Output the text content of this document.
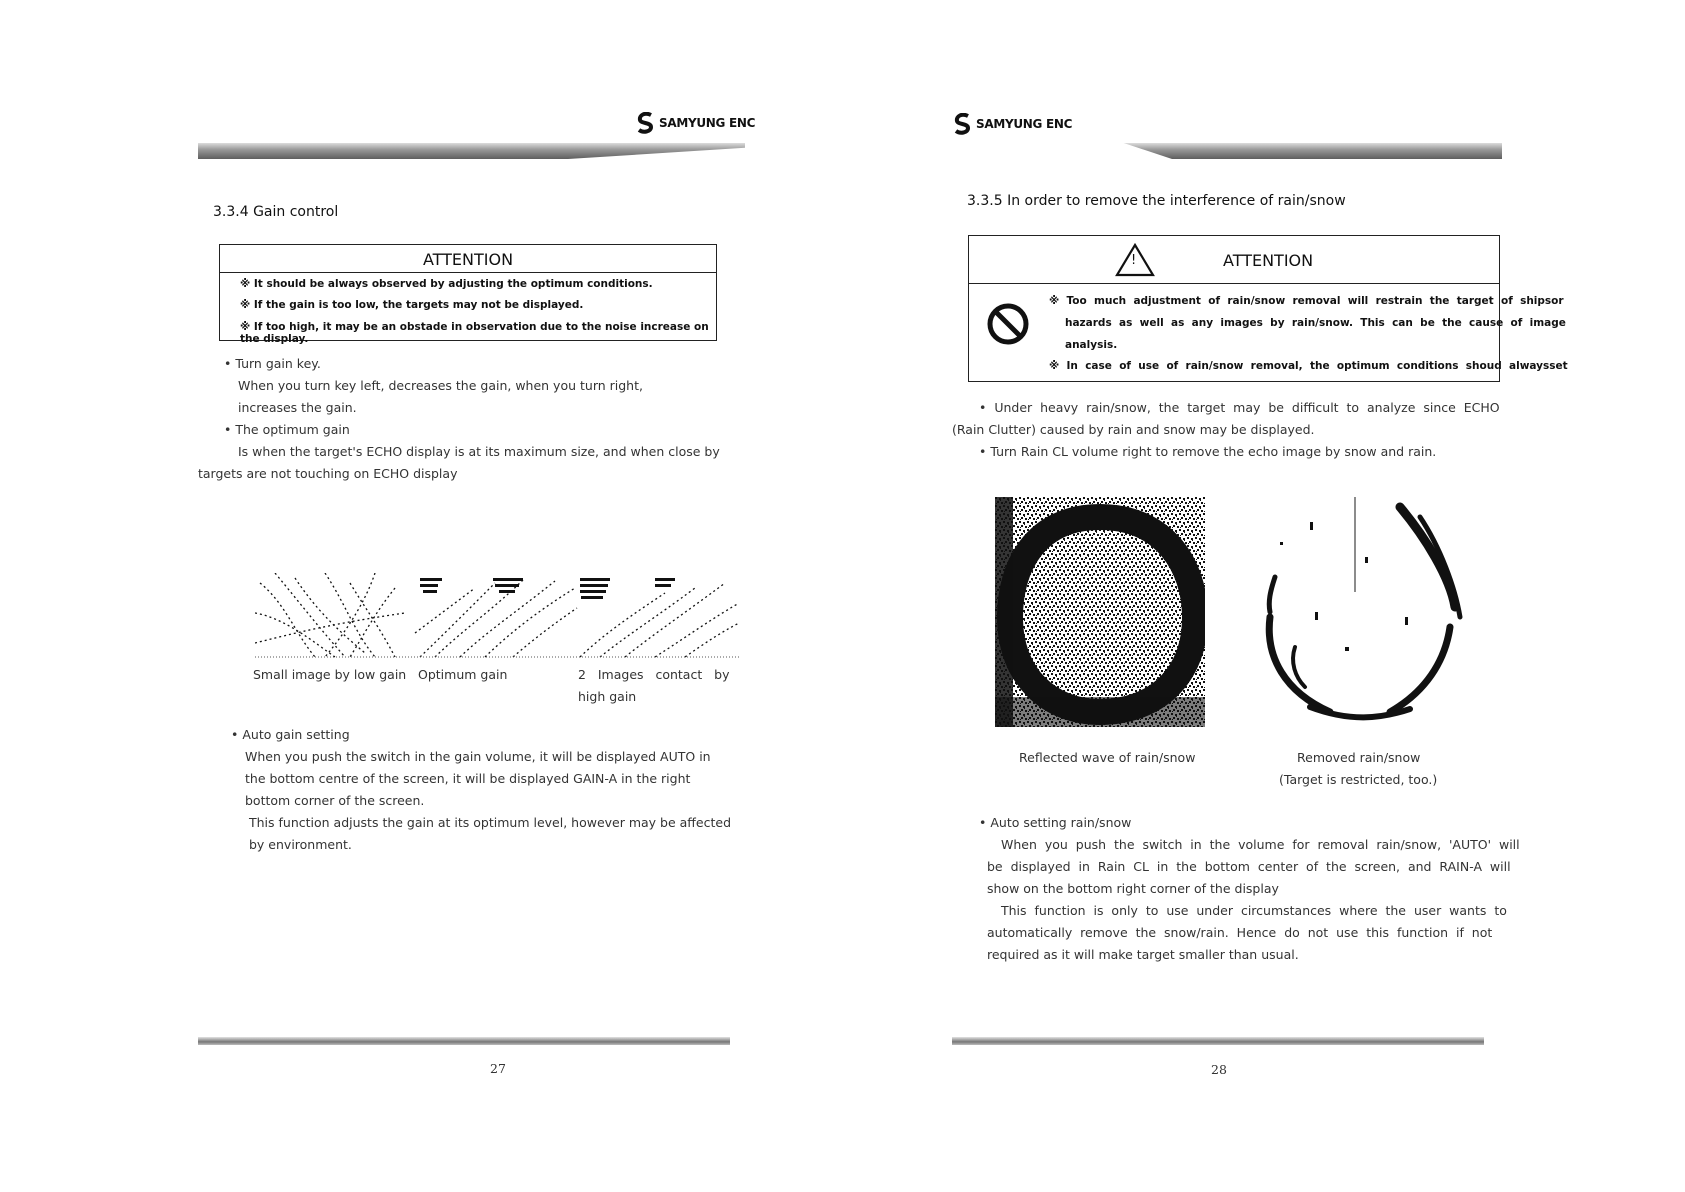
SAMYUNG ENC
3.3.4 Gain control
ATTENTION
※ It should be always observed by adjusting the optimum conditions.
※ If the gain is too low, the targets may not be displayed.
※ If too high, it may be an obstade in observation due to the noise increase on the display.
• Turn gain key.
When you turn key left, decreases the gain, when you turn right,
increases the gain.
• The optimum gain
Is when the target's ECHO display is at its maximum size, and when close by
targets are not touching on ECHO display
Small image by low gain Optimum gain	2   Images   contact   by
high gain
• Auto gain setting
When you push the switch in the gain volume, it will be displayed AUTO in
the bottom centre of the screen, it will be displayed GAIN-A in the right
bottom corner of the screen.
This function adjusts the gain at its optimum level, however may be affected
by environment.
27
SAMYUNG ENC
3.3.5 In order to remove the interference of rain/snow
!	ATTENTION
※  Too  much  adjustment  of  rain/snow  removal  will  restrain  the  target  of  shipsor
hazards  as  well  as  any  images  by  rain/snow.  This  can  be  the  cause  of  image
analysis.
※  In  case  of  use  of  rain/snow  removal,  the  optimum  conditions  shoud  alwaysset
•  Under  heavy  rain/snow,  the  target  may  be  difficult  to  analyze  since  ECHO
(Rain Clutter) caused by rain and snow may be displayed.
• Turn Rain CL volume right to remove the echo image by snow and rain.
Reflected wave of rain/snow	Removed rain/snow
(Target is restricted, too.)
• Auto setting rain/snow
When  you  push  the  switch  in  the  volume  for  removal  rain/snow,  'AUTO'  will
be  displayed  in  Rain  CL  in  the  bottom  center  of  the  screen,  and  RAIN-A  will
show on the bottom right corner of the display
This  function  is  only  to  use  under  circumstances  where  the  user  wants  to
automatically  remove  the  snow/rain.  Hence  do  not  use  this  function  if  not
required as it will make target smaller than usual.
28
